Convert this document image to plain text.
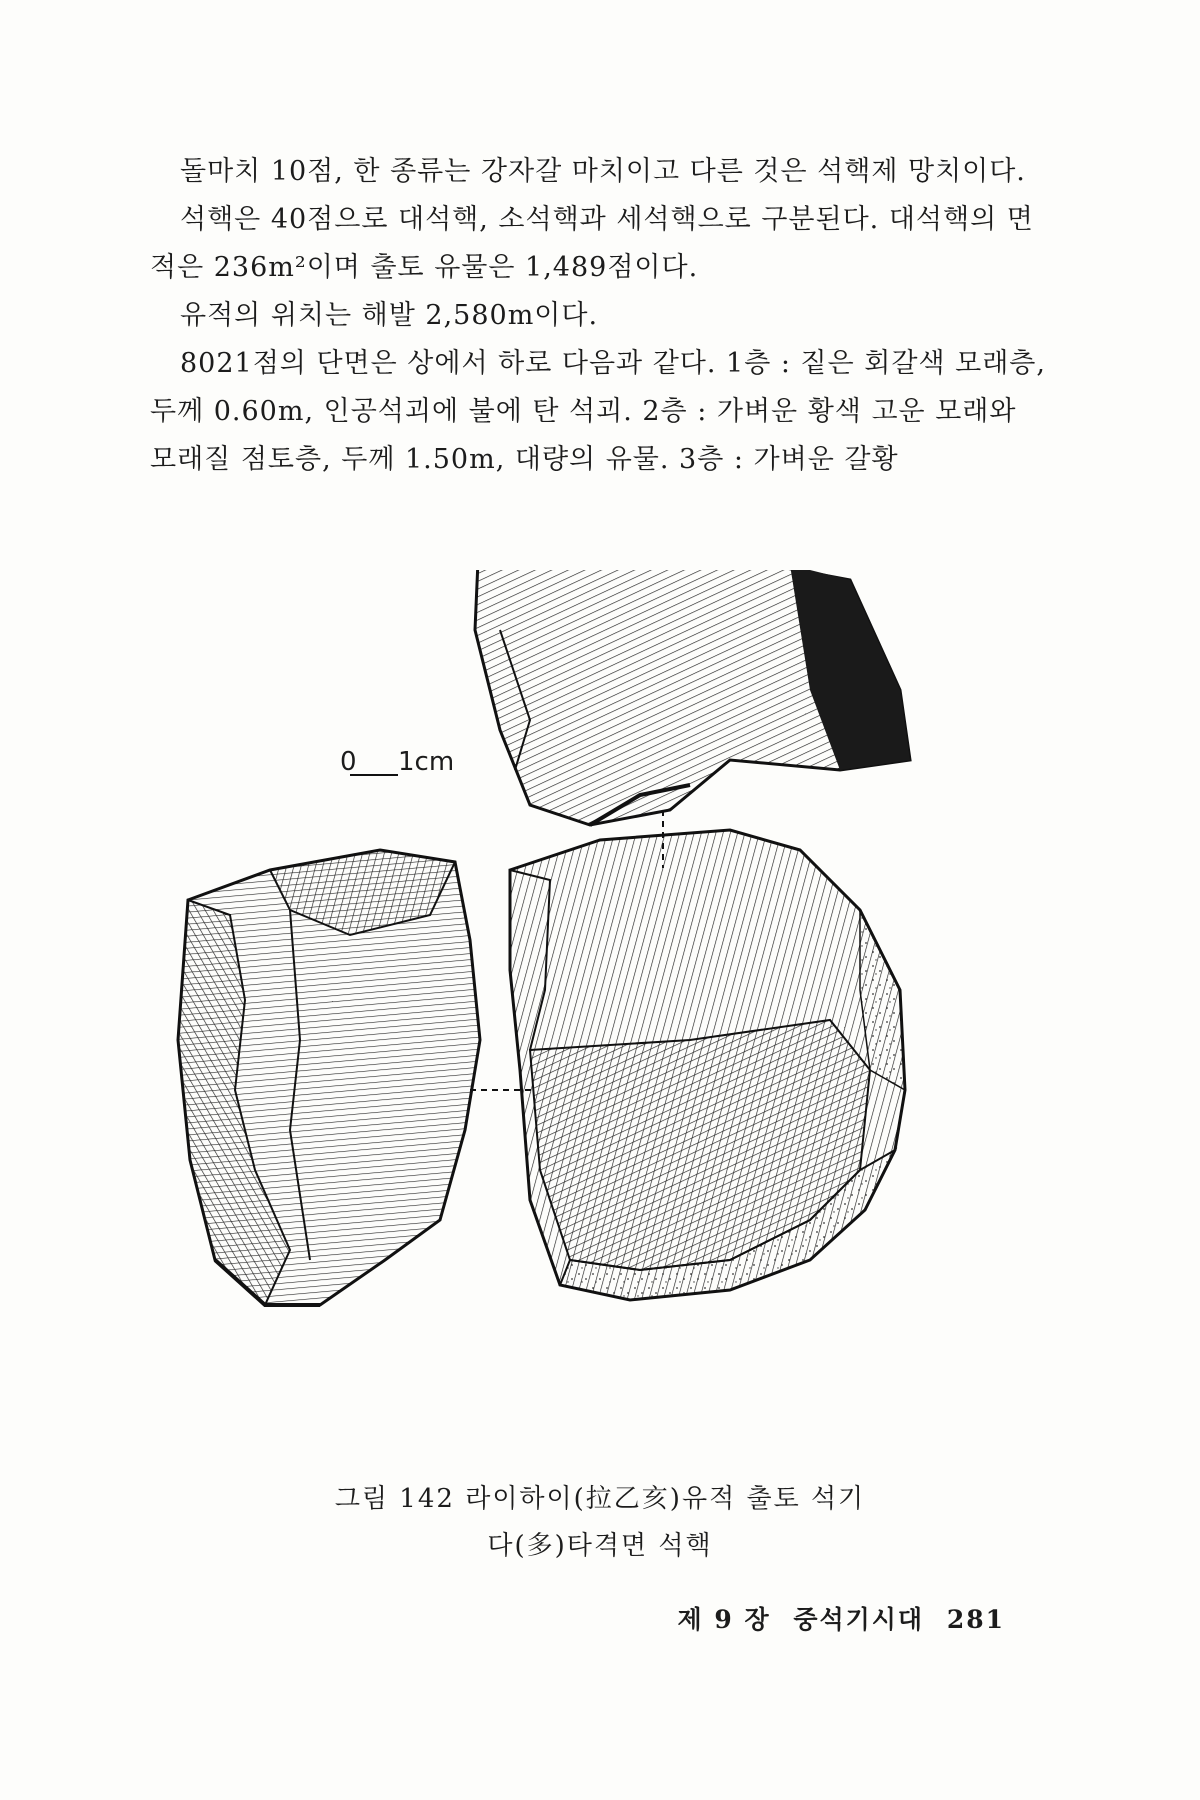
돌마치 10점, 한 종류는 강자갈 마치이고 다른 것은 석핵제 망치이다.

석핵은 40점으로 대석핵, 소석핵과 세석핵으로 구분된다. 대석핵의 면적은 236m²이며 출토 유물은 1,489점이다.

유적의 위치는 해발 2,580m이다.

8021점의 단면은 상에서 하로 다음과 같다. 1층 : 짙은 회갈색 모래층, 두께 0.60m, 인공석괴에 불에 탄 석괴. 2층 : 가벼운 황색 고운 모래와 모래질 점토층, 두께 1.50m, 대량의 유물. 3층 : 가벼운 갈황

0 1cm
그림 142 라이하이(拉乙亥)유적 출토 석기
다(多)타격면 석핵
제 9 장 중석기시대 281
